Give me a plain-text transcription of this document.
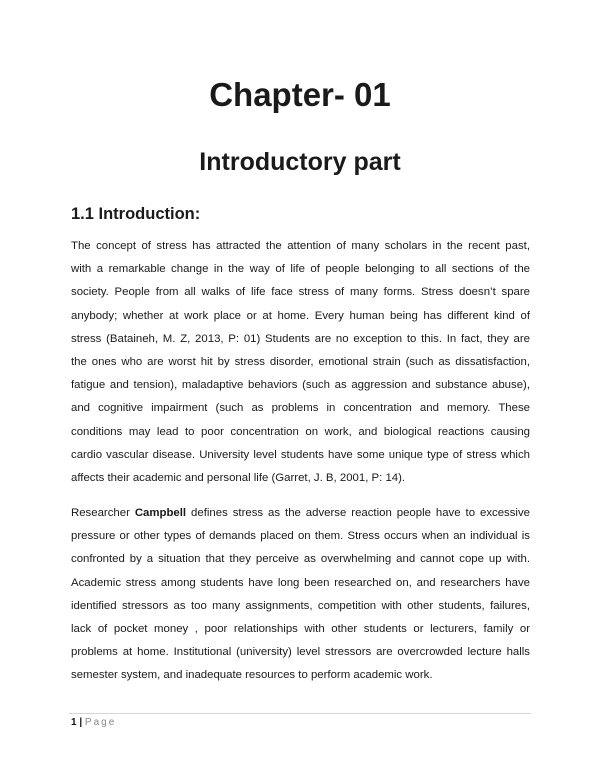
Chapter- 01
Introductory part
1.1 Introduction:
The concept of stress has attracted the attention of many scholars in the recent past,
with a remarkable change in the way of life of people belonging to all sections of the
society. People from all walks of life face stress of many forms. Stress doesn’t spare
anybody; whether at work place or at home. Every human being has different kind of
stress (Bataineh, M. Z, 2013, P: 01) Students are no exception to this. In fact, they are
the ones who are worst hit by stress disorder, emotional strain (such as dissatisfaction,
fatigue and tension), maladaptive behaviors (such as aggression and substance abuse),
and cognitive impairment (such as problems in concentration and memory. These
conditions may lead to poor concentration on work, and biological reactions causing
cardio vascular disease. University level students have some unique type of stress which
affects their academic and personal life (Garret, J. B, 2001, P: 14).
Researcher Campbell defines stress as the adverse reaction people have to excessive
pressure or other types of demands placed on them. Stress occurs when an individual is
confronted by a situation that they perceive as overwhelming and cannot cope up with.
Academic stress among students have long been researched on, and researchers have
identified stressors as too many assignments, competition with other students, failures,
lack of pocket money , poor relationships with other students or lecturers, family or
problems at home. Institutional (university) level stressors are overcrowded lecture halls
semester system, and inadequate resources to perform academic work.
1 | Page
